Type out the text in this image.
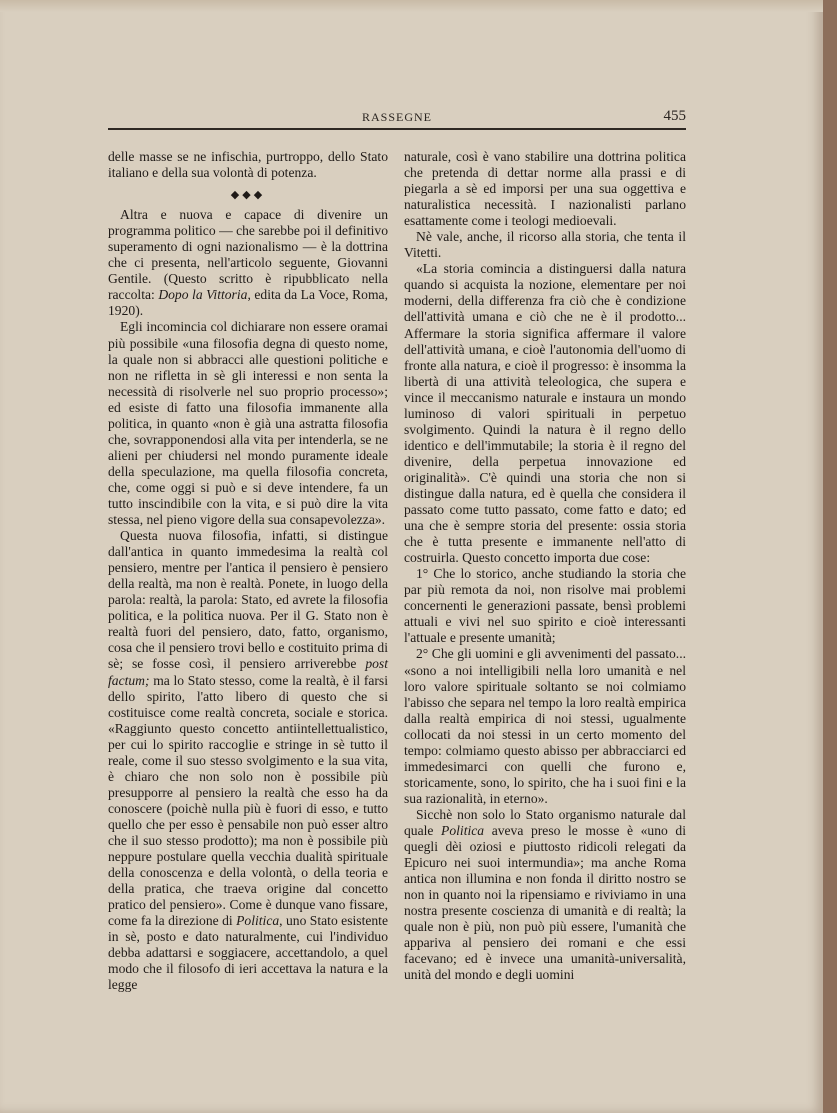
RASSEGNE	455

delle masse se ne infischia, purtroppo, dello Stato italiano e della sua volontà di potenza.

◆◆◆

Altra e nuova e capace di divenire un programma politico — che sarebbe poi il definitivo superamento di ogni nazionalismo — è la dottrina che ci presenta, nell'articolo seguente, Giovanni Gentile. (Questo scritto è ripubblicato nella raccolta: Dopo la Vittoria, edita da La Voce, Roma, 1920).

Egli incomincia col dichiarare non essere oramai più possibile «una filosofia degna di questo nome, la quale non si abbracci alle questioni politiche e non ne rifletta in sè gli interessi e non senta la necessità di risolverle nel suo proprio processo»; ed esiste di fatto una filosofia immanente alla politica, in quanto «non è già una astratta filosofia che, sovrapponendosi alla vita per intenderla, se ne alieni per chiudersi nel mondo puramente ideale della speculazione, ma quella filosofia concreta, che, come oggi si può e si deve intendere, fa un tutto inscindibile con la vita, e si può dire la vita stessa, nel pieno vigore della sua consapevolezza».

Questa nuova filosofia, infatti, si distingue dall'antica in quanto immedesima la realtà col pensiero, mentre per l'antica il pensiero è pensiero della realtà, ma non è realtà. Ponete, in luogo della parola: realtà, la parola: Stato, ed avrete la filosofia politica, e la politica nuova. Per il G. Stato non è realtà fuori del pensiero, dato, fatto, organismo, cosa che il pensiero trovi bello e costituito prima di sè; se fosse così, il pensiero arriverebbe post factum; ma lo Stato stesso, come la realtà, è il farsi dello spirito, l'atto libero di questo che si costituisce come realtà concreta, sociale e storica. «Raggiunto questo concetto antiintellettualistico, per cui lo spirito raccoglie e stringe in sè tutto il reale, come il suo stesso svolgimento e la sua vita, è chiaro che non solo non è possibile più presupporre al pensiero la realtà che esso ha da conoscere (poichè nulla più è fuori di esso, e tutto quello che per esso è pensabile non può esser altro che il suo stesso prodotto); ma non è possibile più neppure postulare quella vecchia dualità spirituale della conoscenza e della volontà, o della teoria e della pratica, che traeva origine dal concetto pratico del pensiero». Come è dunque vano fissare, come fa la direzione di Politica, uno Stato esistente in sè, posto e dato naturalmente, cui l'individuo debba adattarsi e soggiacere, accettandolo, a quel modo che il filosofo di ieri accettava la natura e la legge

naturale, così è vano stabilire una dottrina politica che pretenda di dettar norme alla prassi e di piegarla a sè ed imporsi per una sua oggettiva e naturalistica necessità. I nazionalisti parlano esattamente come i teologi medioevali.

Nè vale, anche, il ricorso alla storia, che tenta il Vitetti.

«La storia comincia a distinguersi dalla natura quando si acquista la nozione, elementare per noi moderni, della differenza fra ciò che è condizione dell'attività umana e ciò che ne è il prodotto... Affermare la storia significa affermare il valore dell'attività umana, e cioè l'autonomia dell'uomo di fronte alla natura, e cioè il progresso: è insomma la libertà di una attività teleologica, che supera e vince il meccanismo naturale e instaura un mondo luminoso di valori spirituali in perpetuo svolgimento. Quindi la natura è il regno dello identico e dell'immutabile; la storia è il regno del divenire, della perpetua innovazione ed originalità». C'è quindi una storia che non si distingue dalla natura, ed è quella che considera il passato come tutto passato, come fatto e dato; ed una che è sempre storia del presente: ossia storia che è tutta presente e immanente nell'atto di costruirla. Questo concetto importa due cose:

1° Che lo storico, anche studiando la storia che par più remota da noi, non risolve mai problemi concernenti le generazioni passate, bensì problemi attuali e vivi nel suo spirito e cioè interessanti l'attuale e presente umanità;

2° Che gli uomini e gli avvenimenti del passato... «sono a noi intelligibili nella loro umanità e nel loro valore spirituale soltanto se noi colmiamo l'abisso che separa nel tempo la loro realtà empirica dalla realtà empirica di noi stessi, ugualmente collocati da noi stessi in un certo momento del tempo: colmiamo questo abisso per abbracciarci ed immedesimarci con quelli che furono e, storicamente, sono, lo spirito, che ha i suoi fini e la sua razionalità, in eterno».

Sicchè non solo lo Stato organismo naturale dal quale Politica aveva preso le mosse è «uno di quegli dèi oziosi e piuttosto ridicoli relegati da Epicuro nei suoi intermundia»; ma anche Roma antica non illumina e non fonda il diritto nostro se non in quanto noi la ripensiamo e riviviamo in una nostra presente coscienza di umanità e di realtà; la quale non è più, non può più essere, l'umanità che appariva al pensiero dei romani e che essi facevano; ed è invece una umanità-universalità, unità del mondo e degli uomini
